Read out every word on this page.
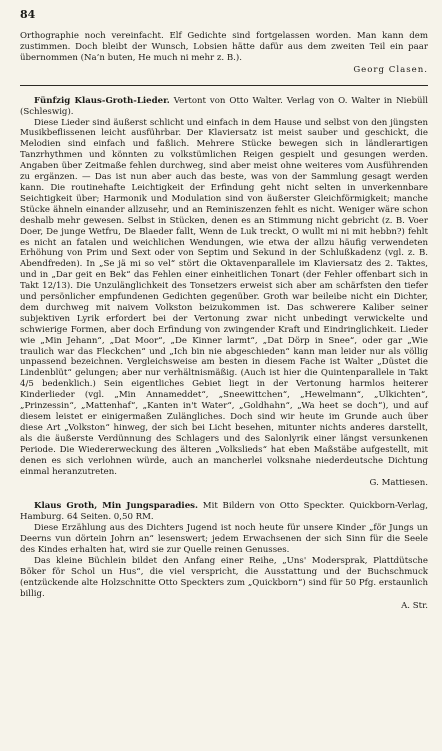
84

Orthographie noch vereinfacht. Elf Gedichte sind fortgelassen worden. Man kann dem zustimmen. Doch bleibt der Wunsch, Lobsien hätte dafür aus dem zweiten Teil ein paar übernommen (Na’n buten, He much ni mehr z. B.).

Georg Clasen.

Fünfzig Klaus-Groth-Lieder. Vertont von Otto Walter. Verlag von O. Walter in Niebüll (Schleswig).

Diese Lieder sind äußerst schlicht und einfach in dem Hause und selbst von den jüngsten Musikbeflissenen leicht ausführbar. Der Klaviersatz ist meist sauber und geschickt, die Melodien sind einfach und faßlich. Mehrere Stücke bewegen sich in ländlerartigen Tanzrhythmen und könnten zu volkstümlichen Reigen gespielt und gesungen werden. Angaben über Zeitmaße fehlen durchweg, sind aber meist ohne weiteres vom Ausführenden zu ergänzen. — Das ist nun aber auch das beste, was von der Sammlung gesagt werden kann. Die routinehafte Leichtigkeit der Erfindung geht nicht selten in unverkennbare Seichtigkeit über; Harmonik und Modulation sind von äußerster Gleichförmigkeit; manche Stücke ähneln einander allzusehr, und an Reminiszenzen fehlt es nicht. Weniger wäre schon deshalb mehr gewesen. Selbst in Stücken, denen es an Stimmung nicht gebricht (z. B. Voer Doer, De junge Wetfru, De Blaeder fallt, Wenn de Luk treckt, O wullt mi ni mit hebbn?) fehlt es nicht an fatalen und weichlichen Wendungen, wie etwa der allzu häufig verwendeten Erhöhung von Prim und Sext oder von Septim und Sekund in der Schlußkadenz (vgl. z. B. Abendfreden). In „Se jä mi so vel“ stört die Oktavenparallele im Klaviersatz des 2. Taktes, und in „Dar geit en Bek“ das Fehlen einer einheitlichen Tonart (der Fehler offenbart sich in Takt 12/13). Die Unzulänglichkeit des Tonsetzers erweist sich aber am schärfsten den tiefer und persönlicher empfundenen Gedichten gegenüber. Groth war beileibe nicht ein Dichter, dem durchweg mit naivem Volkston beizukommen ist. Das schwerere Kaliber seiner subjektiven Lyrik erfordert bei der Vertonung zwar nicht unbedingt verwickelte und schwierige Formen, aber doch Erfindung von zwingender Kraft und Eindringlichkeit. Lieder wie „Min Jehann“, „Dat Moor“, „De Kinner larmt“, „Dat Dörp in Snee“, oder gar „Wie traulich war das Fleckchen“ und „Ich bin nie abgeschieden“ kann man leider nur als völlig unpassend bezeichnen. Vergleichsweise am besten in diesem Fache ist Walter „Düstet die Lindenblüt“ gelungen; aber nur verhältnismäßig. (Auch ist hier die Quintenparallele in Takt 4/5 bedenklich.) Sein eigentliches Gebiet liegt in der Vertonung harmlos heiterer Kinderlieder (vgl. „Min Annameddet“, „Sneewittchen“, „Hewelmann“, „Ulkichten“, „Prinzessin“, „Mattenhaf“, „Kanten in't Water“, „Goldhahn“, „Wa heet se doch“), und auf diesem leistet er einigermaßen Zulängliches. Doch sind wir heute im Grunde auch über diese Art „Volkston“ hinweg, der sich bei Licht besehen, mitunter nichts anderes darstellt, als die äußerste Verdünnung des Schlagers und des Salonlyrik einer längst versunkenen Periode. Die Wiedererweckung des älteren „Volkslieds“ hat eben Maßstäbe aufgestellt, mit denen es sich verlohnen würde, auch an mancherlei volksnahe niederdeutsche Dichtung einmal heranzutreten.

G. Mattiesen.

Klaus Groth, Min Jungsparadies. Mit Bildern von Otto Speckter. Quickborn-Verlag, Hamburg. 64 Seiten. 0,50 RM.

Diese Erzählung aus des Dichters Jugend ist noch heute für unsere Kinder „för Jungs un Deerns vun dörtein Johrn an“ lesenswert; jedem Erwachsenen der sich Sinn für die Seele des Kindes erhalten hat, wird sie zur Quelle reinen Genusses.

Das kleine Büchlein bildet den Anfang einer Reihe, „Uns' Modersprak, Plattdütsche Böker för Schol un Hus“, die viel verspricht, die Ausstattung und der Buchschmuck (entzückende alte Holzschnitte Otto Speckters zum „Quickborn“) sind für 50 Pfg. erstaunlich billig.

A. Str.
